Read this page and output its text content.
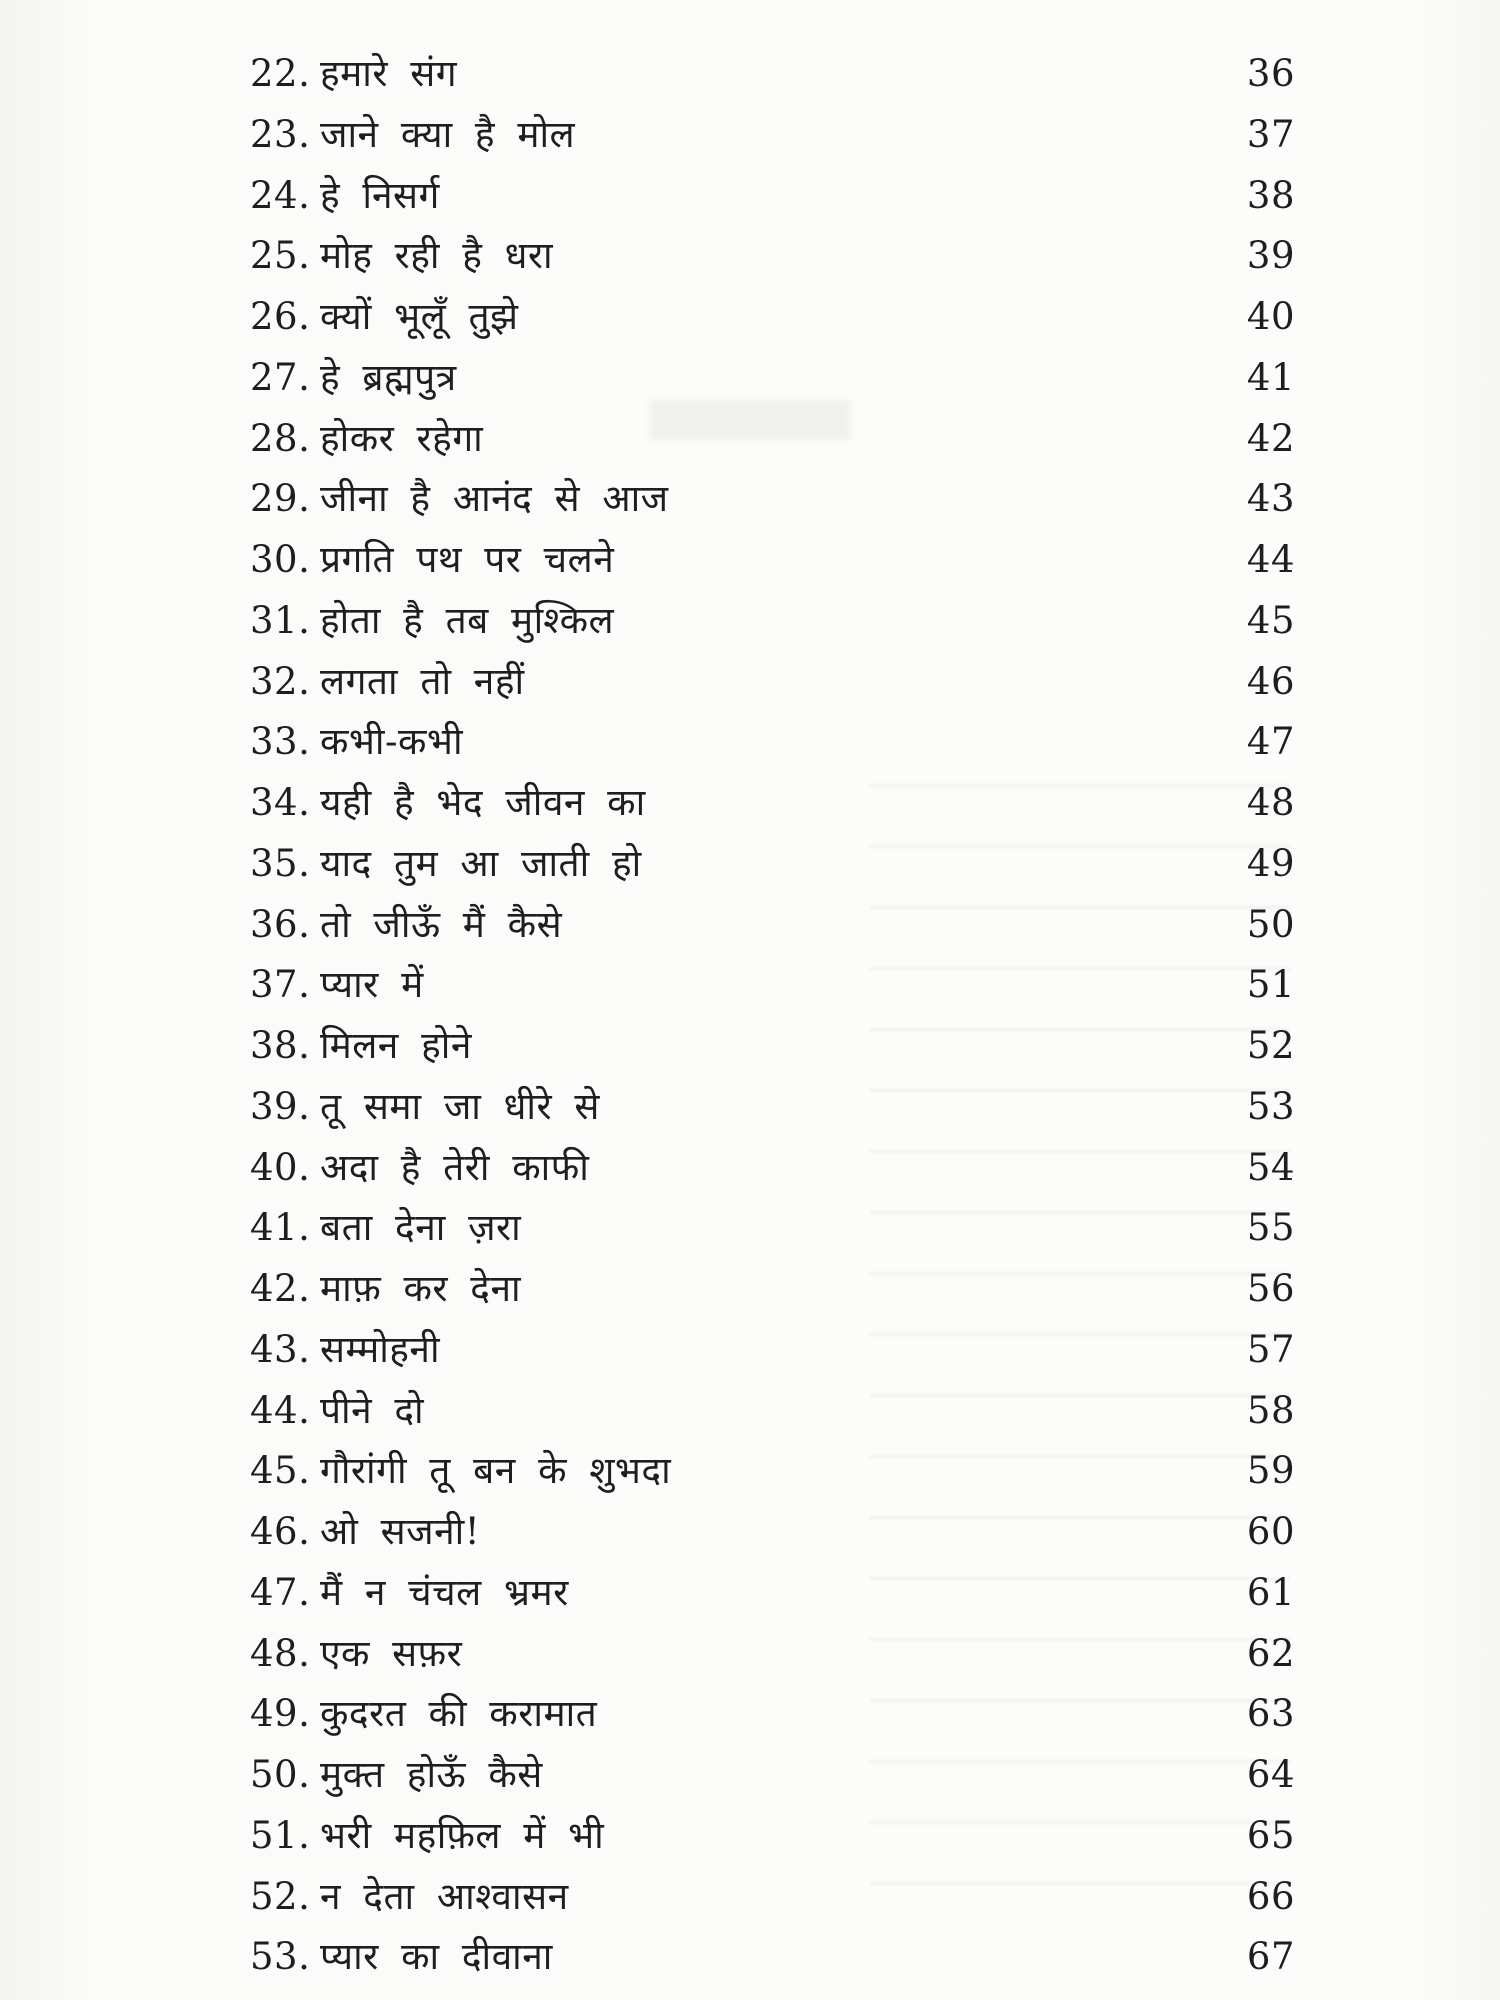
22. हमारे संग	36
23. जाने क्या है मोल	37
24. हे निसर्ग	38
25. मोह रही है धरा	39
26. क्यों भूलूँ तुझे	40
27. हे ब्रह्मपुत्र	41
28. होकर रहेगा	42
29. जीना है आनंद से आज	43
30. प्रगति पथ पर चलने	44
31. होता है तब मुश्किल	45
32. लगता तो नहीं	46
33. कभी-कभी	47
34. यही है भेद जीवन का	48
35. याद तुम आ जाती हो	49
36. तो जीऊँ मैं कैसे	50
37. प्यार में	51
38. मिलन होने	52
39. तू समा जा धीरे से	53
40. अदा है तेरी काफी	54
41. बता देना ज़रा	55
42. माफ़ कर देना	56
43. सम्मोहनी	57
44. पीने दो	58
45. गौरांगी तू बन के शुभदा	59
46. ओ सजनी!	60
47. मैं न चंचल भ्रमर	61
48. एक सफ़र	62
49. कुदरत की करामात	63
50. मुक्त होऊँ कैसे	64
51. भरी महफ़िल में भी	65
52. न देता आश्वासन	66
53. प्यार का दीवाना	67
